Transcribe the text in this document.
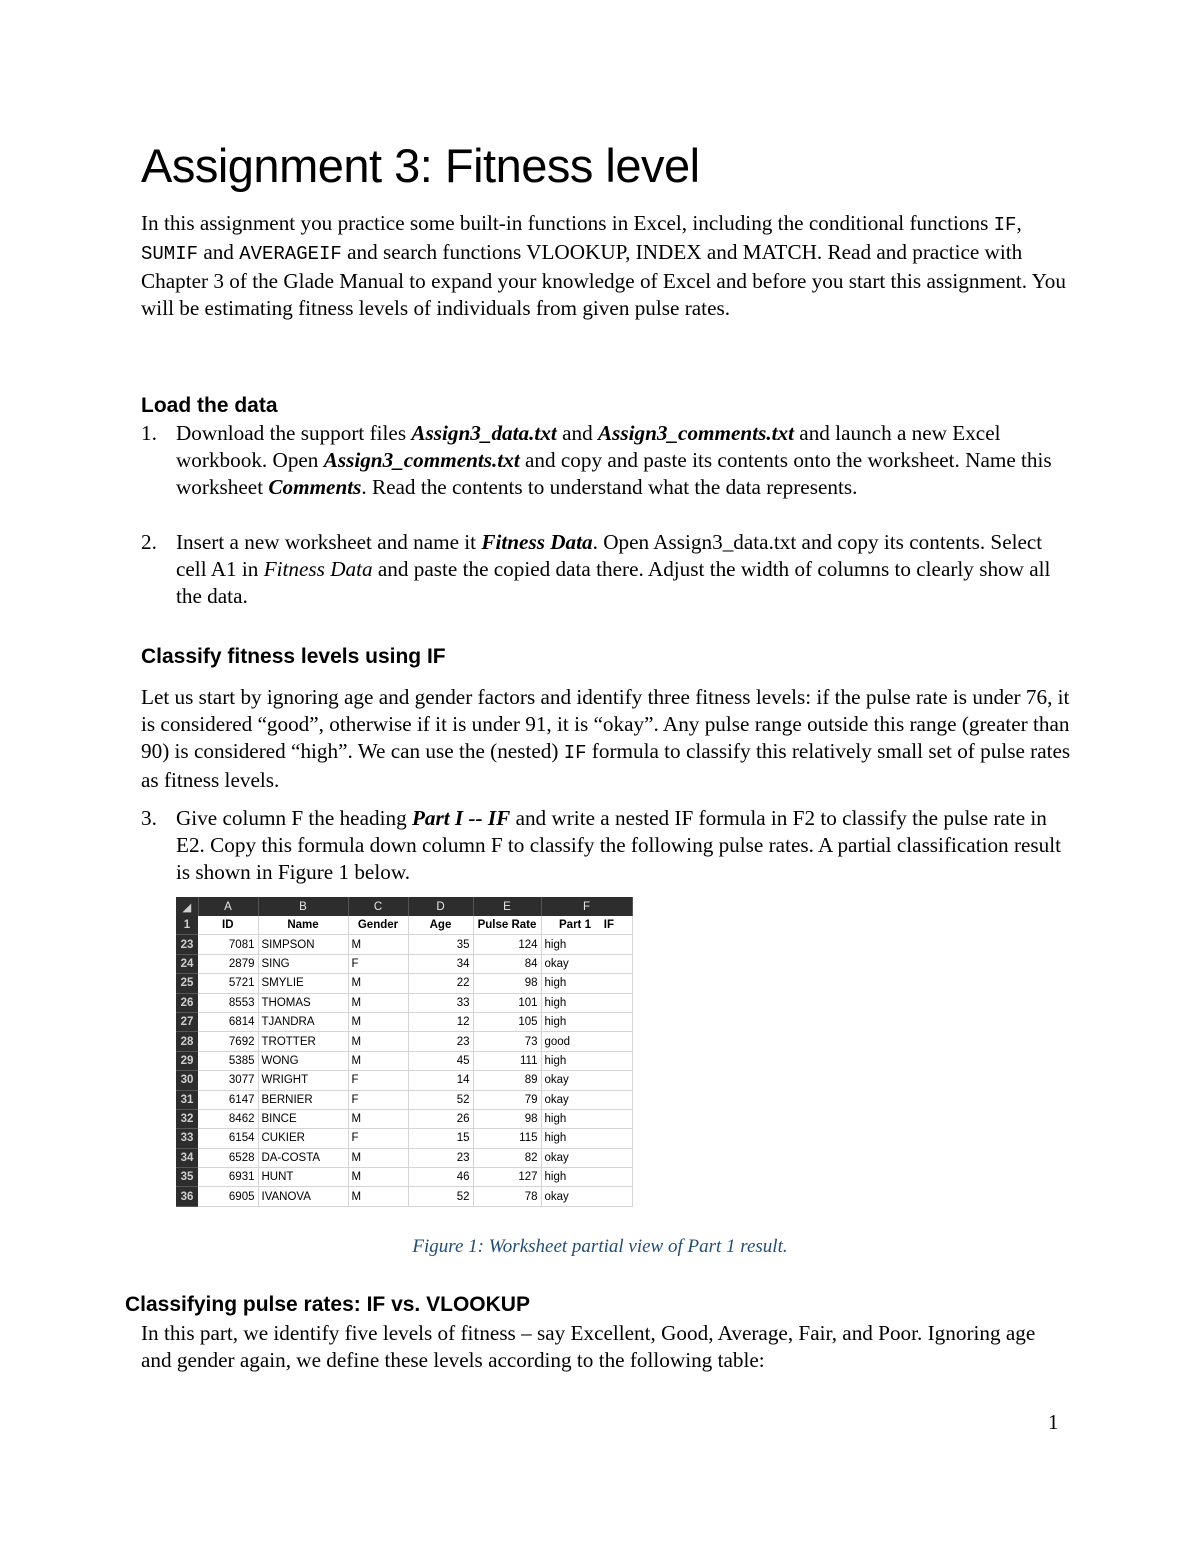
Assignment 3: Fitness level

In this assignment you practice some built-in functions in Excel, including the conditional functions IF, SUMIF and AVERAGEIF and search functions VLOOKUP, INDEX and MATCH. Read and practice with Chapter 3 of the Glade Manual to expand your knowledge of Excel and before you start this assignment. You will be estimating fitness levels of individuals from given pulse rates.

Load the data
1. Download the support files Assign3_data.txt and Assign3_comments.txt and launch a new Excel workbook. Open Assign3_comments.txt and copy and paste its contents onto the worksheet. Name this worksheet Comments. Read the contents to understand what the data represents.
2. Insert a new worksheet and name it Fitness Data. Open Assign3_data.txt and copy its contents. Select cell A1 in Fitness Data and paste the copied data there. Adjust the width of columns to clearly show all the data.
Classify fitness levels using IF

Let us start by ignoring age and gender factors and identify three fitness levels: if the pulse rate is under 76, it is considered “good”, otherwise if it is under 91, it is “okay”. Any pulse range outside this range (greater than 90) is considered “high”. We can use the (nested) IF formula to classify this relatively small set of pulse rates as fitness levels.

3. Give column F the heading Part I -- IF and write a nested IF formula in F2 to classify the pulse rate in E2. Copy this formula down column F to classify the following pulse rates. A partial classification result is shown in Figure 1 below.
◢	A	B	C	D	E	F
1	ID	Name	Gender	Age	Pulse Rate	Part 1    IF
23	7081	SIMPSON	M	35	124	high
24	2879	SING	F	34	84	okay
25	5721	SMYLIE	M	22	98	high
26	8553	THOMAS	M	33	101	high
27	6814	TJANDRA	M	12	105	high
28	7692	TROTTER	M	23	73	good
29	5385	WONG	M	45	111	high
30	3077	WRIGHT	F	14	89	okay
31	6147	BERNIER	F	52	79	okay
32	8462	BINCE	M	26	98	high
33	6154	CUKIER	F	15	115	high
34	6528	DA-COSTA	M	23	82	okay
35	6931	HUNT	M	46	127	high
36	6905	IVANOVA	M	52	78	okay
Figure 1: Worksheet partial view of Part 1 result.
Classifying pulse rates: IF vs. VLOOKUP

In this part, we identify five levels of fitness – say Excellent, Good, Average, Fair, and Poor. Ignoring age and gender again, we define these levels according to the following table:

1
